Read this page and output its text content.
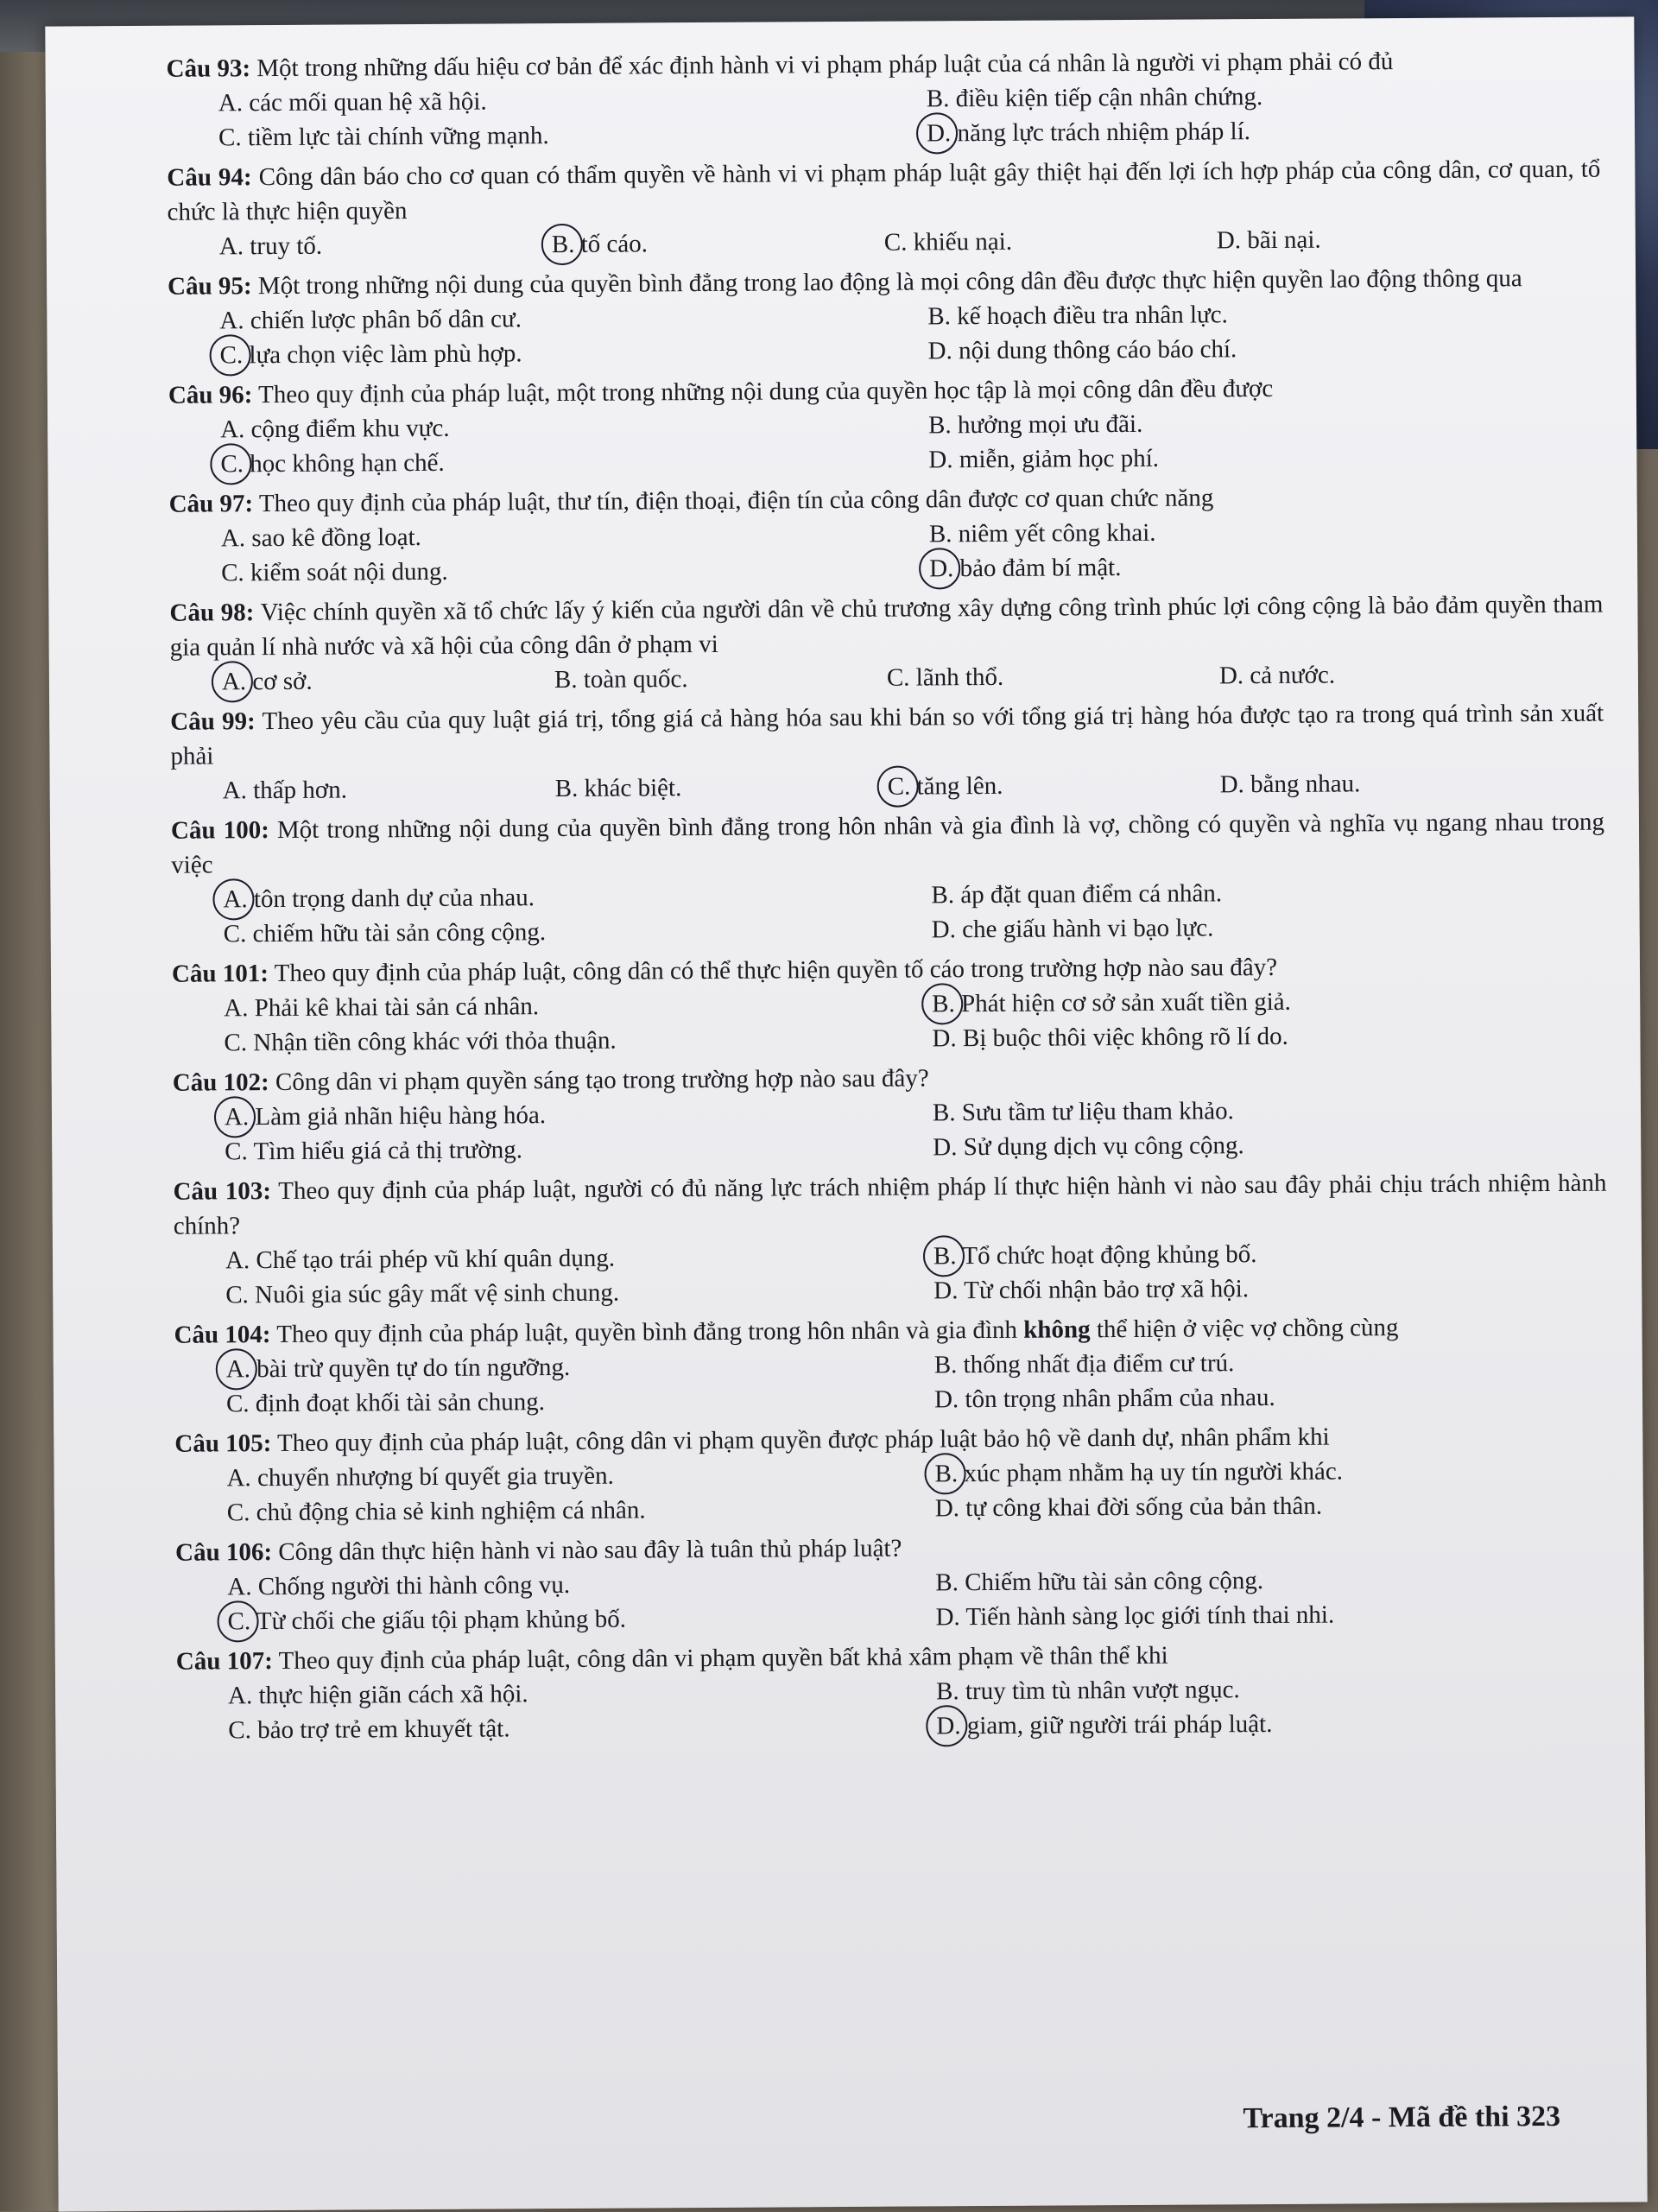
Câu 93: Một trong những dấu hiệu cơ bản để xác định hành vi vi phạm pháp luật của cá nhân là người vi phạm phải có đủ
A. các mối quan hệ xã hội.	B. điều kiện tiếp cận nhân chứng.
C. tiềm lực tài chính vững mạnh.	D. năng lực trách nhiệm pháp lí.
Câu 94: Công dân báo cho cơ quan có thẩm quyền về hành vi vi phạm pháp luật gây thiệt hại đến lợi ích hợp pháp của công dân, cơ quan, tổ chức là thực hiện quyền
A. truy tố.	B. tố cáo.	C. khiếu nại.	D. bãi nại.
Câu 95: Một trong những nội dung của quyền bình đẳng trong lao động là mọi công dân đều được thực hiện quyền lao động thông qua
A. chiến lược phân bố dân cư.	B. kế hoạch điều tra nhân lực.
C. lựa chọn việc làm phù hợp.	D. nội dung thông cáo báo chí.
Câu 96: Theo quy định của pháp luật, một trong những nội dung của quyền học tập là mọi công dân đều được
A. cộng điểm khu vực.	B. hưởng mọi ưu đãi.
C. học không hạn chế.	D. miễn, giảm học phí.
Câu 97: Theo quy định của pháp luật, thư tín, điện thoại, điện tín của công dân được cơ quan chức năng
A. sao kê đồng loạt.	B. niêm yết công khai.
C. kiểm soát nội dung.	D. bảo đảm bí mật.
Câu 98: Việc chính quyền xã tổ chức lấy ý kiến của người dân về chủ trương xây dựng công trình phúc lợi công cộng là bảo đảm quyền tham gia quản lí nhà nước và xã hội của công dân ở phạm vi
A. cơ sở.	B. toàn quốc.	C. lãnh thổ.	D. cả nước.
Câu 99: Theo yêu cầu của quy luật giá trị, tổng giá cả hàng hóa sau khi bán so với tổng giá trị hàng hóa được tạo ra trong quá trình sản xuất phải
A. thấp hơn.	B. khác biệt.	C. tăng lên.	D. bằng nhau.
Câu 100: Một trong những nội dung của quyền bình đẳng trong hôn nhân và gia đình là vợ, chồng có quyền và nghĩa vụ ngang nhau trong việc
A. tôn trọng danh dự của nhau.	B. áp đặt quan điểm cá nhân.
C. chiếm hữu tài sản công cộng.	D. che giấu hành vi bạo lực.
Câu 101: Theo quy định của pháp luật, công dân có thể thực hiện quyền tố cáo trong trường hợp nào sau đây?
A. Phải kê khai tài sản cá nhân.	B. Phát hiện cơ sở sản xuất tiền giả.
C. Nhận tiền công khác với thỏa thuận.	D. Bị buộc thôi việc không rõ lí do.
Câu 102: Công dân vi phạm quyền sáng tạo trong trường hợp nào sau đây?
A. Làm giả nhãn hiệu hàng hóa.	B. Sưu tầm tư liệu tham khảo.
C. Tìm hiểu giá cả thị trường.	D. Sử dụng dịch vụ công cộng.
Câu 103: Theo quy định của pháp luật, người có đủ năng lực trách nhiệm pháp lí thực hiện hành vi nào sau đây phải chịu trách nhiệm hành chính?
A. Chế tạo trái phép vũ khí quân dụng.	B. Tổ chức hoạt động khủng bố.
C. Nuôi gia súc gây mất vệ sinh chung.	D. Từ chối nhận bảo trợ xã hội.
Câu 104: Theo quy định của pháp luật, quyền bình đẳng trong hôn nhân và gia đình không thể hiện ở việc vợ chồng cùng
A. bài trừ quyền tự do tín ngưỡng.	B. thống nhất địa điểm cư trú.
C. định đoạt khối tài sản chung.	D. tôn trọng nhân phẩm của nhau.
Câu 105: Theo quy định của pháp luật, công dân vi phạm quyền được pháp luật bảo hộ về danh dự, nhân phẩm khi
A. chuyển nhượng bí quyết gia truyền.	B. xúc phạm nhằm hạ uy tín người khác.
C. chủ động chia sẻ kinh nghiệm cá nhân.	D. tự công khai đời sống của bản thân.
Câu 106: Công dân thực hiện hành vi nào sau đây là tuân thủ pháp luật?
A. Chống người thi hành công vụ.	B. Chiếm hữu tài sản công cộng.
C. Từ chối che giấu tội phạm khủng bố.	D. Tiến hành sàng lọc giới tính thai nhi.
Câu 107: Theo quy định của pháp luật, công dân vi phạm quyền bất khả xâm phạm về thân thể khi
A. thực hiện giãn cách xã hội.	B. truy tìm tù nhân vượt ngục.
C. bảo trợ trẻ em khuyết tật.	D. giam, giữ người trái pháp luật.
Trang 2/4 - Mã đề thi 323
